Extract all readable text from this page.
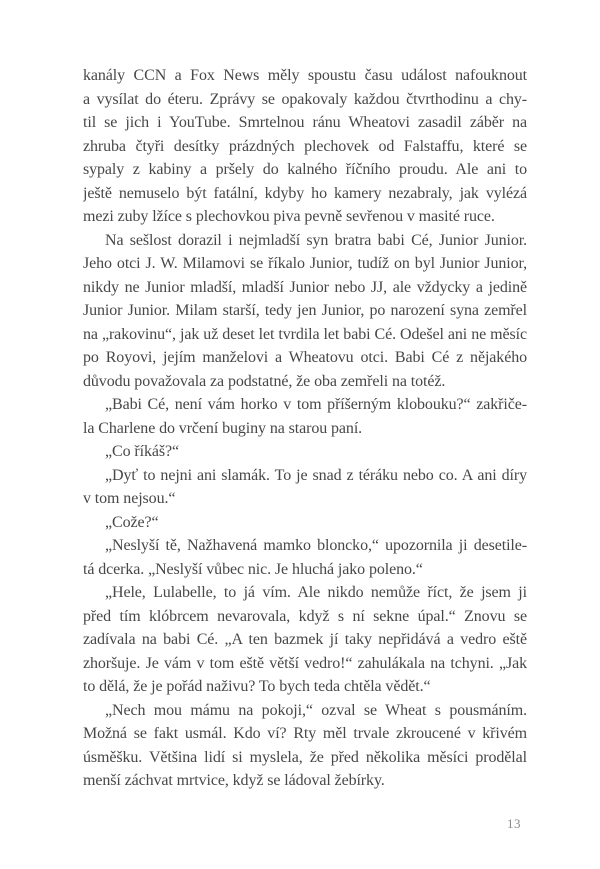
kanály CCN a Fox News měly spoustu času událost nafouknout
a vysílat do éteru. Zprávy se opakovaly každou čtvrthodinu a chy-
til se jich i YouTube. Smrtelnou ránu Wheatovi zasadil záběr na
zhruba čtyři desítky prázdných plechovek od Falstaffu, které se
sypaly z kabiny a pršely do kalného říčního proudu. Ale ani to
ještě nemuselo být fatální, kdyby ho kamery nezabraly, jak vylézá
mezi zuby lžíce s plechovkou piva pevně sevřenou v masité ruce.
Na sešlost dorazil i nejmladší syn bratra babi Cé, Junior Junior.
Jeho otci J. W. Milamovi se říkalo Junior, tudíž on byl Junior Junior,
nikdy ne Junior mladší, mladší Junior nebo JJ, ale vždycky a jedině
Junior Junior. Milam starší, tedy jen Junior, po narození syna zemřel
na „rakovinu“, jak už deset let tvrdila let babi Cé. Odešel ani ne měsíc
po Royovi, jejím manželovi a Wheatovu otci. Babi Cé z nějakého
důvodu považovala za podstatné, že oba zemřeli na totéž.
„Babi Cé, není vám horko v tom příšerným klobouku?“ zakřiče-
la Charlene do vrčení buginy na starou paní.
„Co říkáš?“
„Dyť to nejni ani slamák. To je snad z téráku nebo co. A ani díry
v tom nejsou.“
„Cože?“
„Neslyší tě, Nažhavená mamko bloncko,“ upozornila ji desetile-
tá dcerka. „Neslyší vůbec nic. Je hluchá jako poleno.“
„Hele, Lulabelle, to já vím. Ale nikdo nemůže říct, že jsem ji
před tím klóbrcem nevarovala, když s ní sekne úpal.“ Znovu se
zadívala na babi Cé. „A ten bazmek jí taky nepřidává a vedro eště
zhoršuje. Je vám v tom eště větší vedro!“ zahulákala na tchyni. „Jak
to dělá, že je pořád naživu? To bych teda chtěla vědět.“
„Nech mou mámu na pokoji,“ ozval se Wheat s pousmáním.
Možná se fakt usmál. Kdo ví? Rty měl trvale zkroucené v křivém
úsměšku. Většina lidí si myslela, že před několika měsíci prodělal
menší záchvat mrtvice, když se ládoval žebírky.
13
